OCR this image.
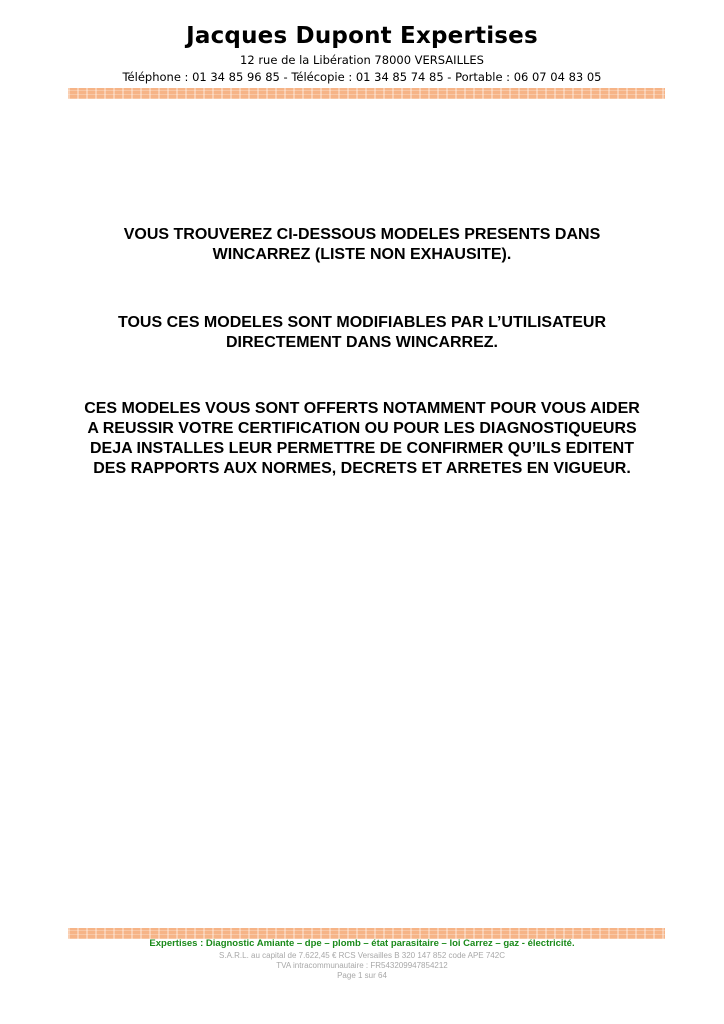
Jacques Dupont Expertises
12 rue de la Libération 78000 VERSAILLES
Téléphone : 01 34 85 96 85 - Télécopie : 01 34 85 74 85 - Portable : 06 07 04 83 05

VOUS TROUVEREZ CI-DESSOUS MODELES PRESENTS DANS WINCARREZ (LISTE NON EXHAUSITE).

TOUS CES MODELES SONT MODIFIABLES PAR L’UTILISATEUR DIRECTEMENT DANS WINCARREZ.

CES MODELES VOUS SONT OFFERTS NOTAMMENT POUR VOUS AIDER A REUSSIR VOTRE CERTIFICATION OU POUR LES DIAGNOSTIQUEURS DEJA INSTALLES LEUR PERMETTRE DE CONFIRMER QU’ILS EDITENT DES RAPPORTS AUX NORMES, DECRETS ET ARRETES EN VIGUEUR.

Expertises : Diagnostic Amiante – dpe – plomb – état parasitaire – loi Carrez – gaz - électricité.
S.A.R.L. au capital de 7.622,45 € RCS Versailles B 320 147 852 code APE 742C
TVA intracommunautaire : FR54320994785421​2
Page 1 sur 64
